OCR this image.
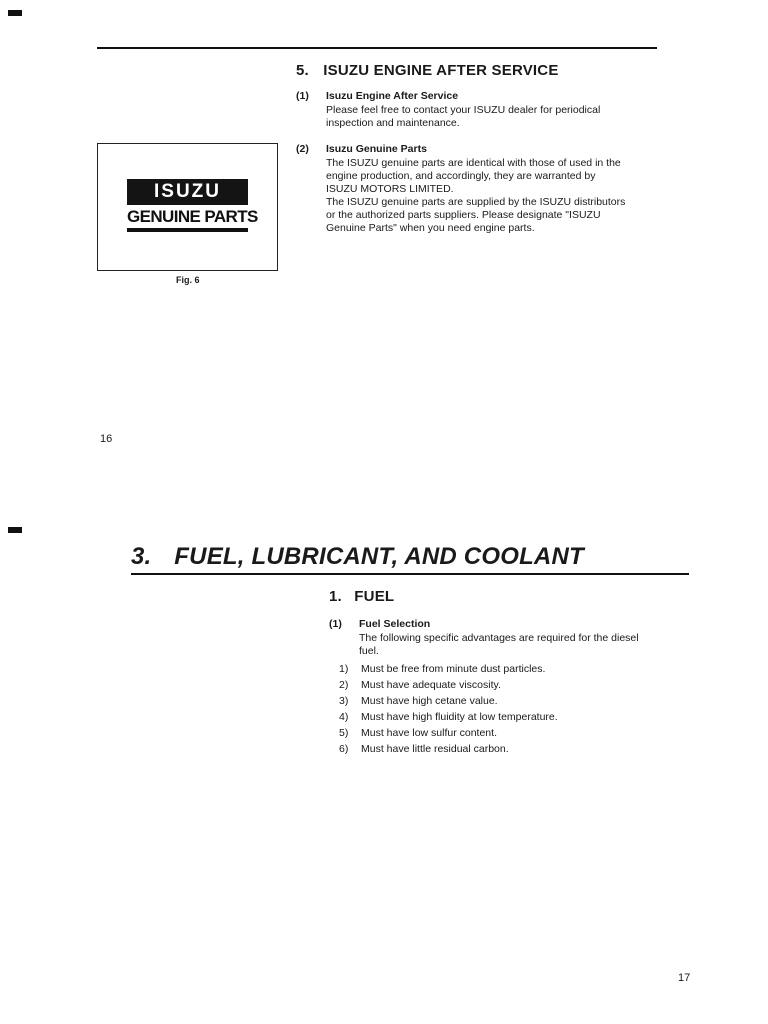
5. ISUZU ENGINE AFTER SERVICE
(1) Isuzu Engine After Service
Please feel free to contact your ISUZU dealer for periodical
inspection and maintenance.
(2) Isuzu Genuine Parts
The ISUZU genuine parts are identical with those of used in the
engine production, and accordingly, they are warranted by
ISUZU MOTORS LIMITED.
The ISUZU genuine parts are supplied by the ISUZU distributors
or the authorized parts suppliers. Please designate "ISUZU
Genuine Parts" when you need engine parts.
ISUZU
GENUINE PARTS
Fig. 6
16
3. FUEL, LUBRICANT, AND COOLANT
1. FUEL
(1) Fuel Selection
The following specific advantages are required for the diesel
fuel.
1) Must be free from minute dust particles.
2) Must have adequate viscosity.
3) Must have high cetane value.
4) Must have high fluidity at low temperature.
5) Must have low sulfur content.
6) Must have little residual carbon.
17
